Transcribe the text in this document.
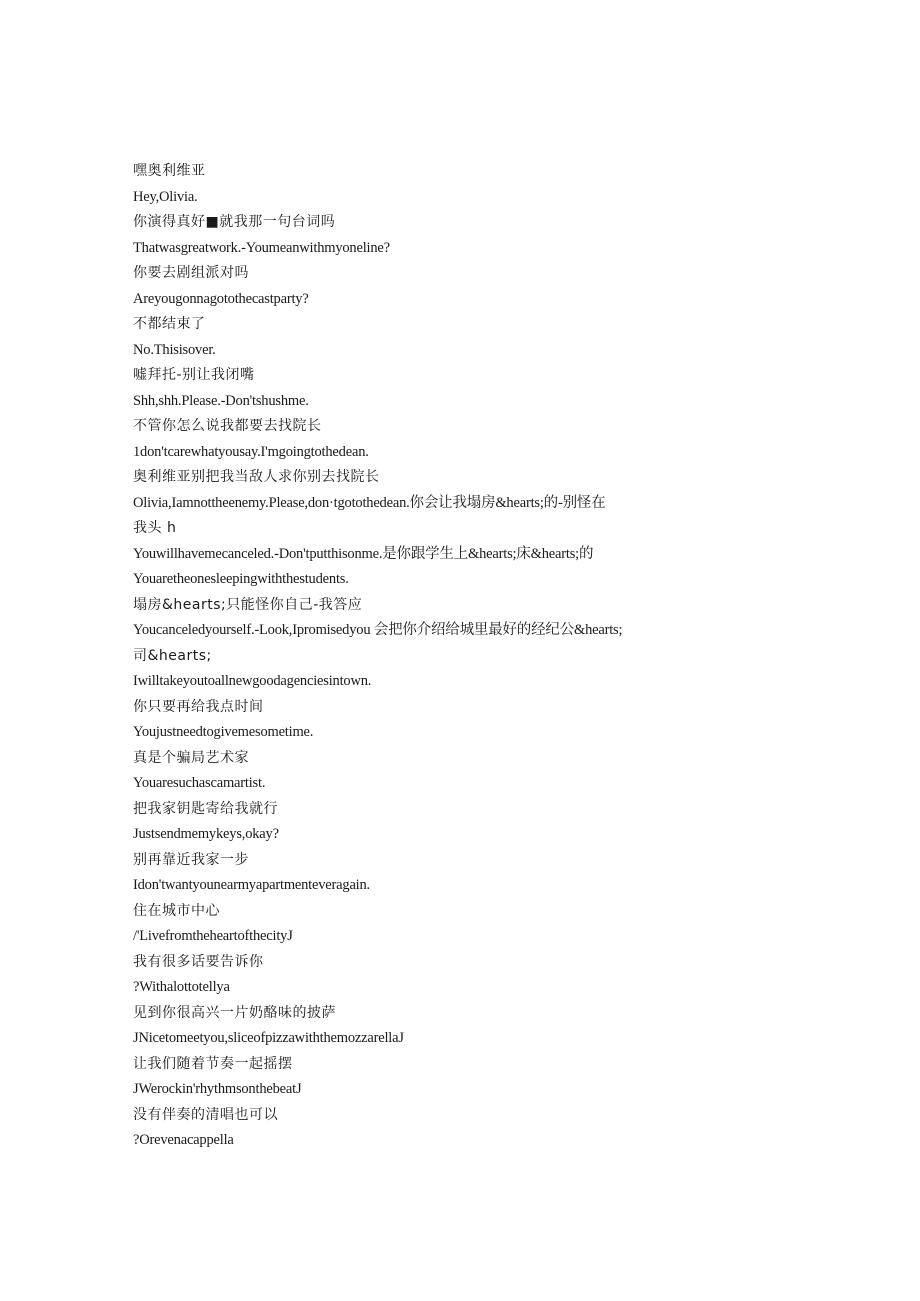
嘿奥利维亚
Hey,Olivia.
你演得真好■就我那一句台词吗
Thatwasgreatwork.-Youmeanwithmyoneline?
你要去剧组派对吗
Areyougonnagotothecastparty?
不都结束了
No.Thisisover.
嘘拜托-别让我闭嘴
Shh,shh.Please.-Don'tshushme.
不管你怎么说我都要去找院长
1don'tcarewhatyousay.I'mgoingtothedean.
奥利维亚别把我当敌人求你别去找院长
Olivia,Iamnottheenemy.Please,don·tgotothedean.你会让我塌房&hearts;的-别怪在
我头 h
Youwillhavemecanceled.-Don'tputthisonme.是你跟学生上&hearts;床&hearts;的
Youaretheonesleepingwiththestudents.
塌房&hearts;只能怪你自己-我答应
Youcanceledyourself.-Look,Ipromisedyou 会把你介绍给城里最好的经纪公&hearts;
司&hearts;
Iwilltakeyoutoallnewgoodagenciesintown.
你只要再给我点时间
Youjustneedtogivemesometime.
真是个骗局艺术家
Youaresuchascamartist.
把我家钥匙寄给我就行
Justsendmemykeys,okay?
别再靠近我家一步
Idon'twantyounearmyapartmenteveragain.
住在城市中心
/'LivefromtheheartofthecityJ
我有很多话要告诉你
?Withalottotellya
见到你很高兴一片奶酪味的披萨
JNicetomeetyou,sliceofpizzawiththemozzarellaJ
让我们随着节奏一起摇摆
JWerockin'rhythmsonthebeatJ
没有伴奏的清唱也可以
?Orevenacappella
